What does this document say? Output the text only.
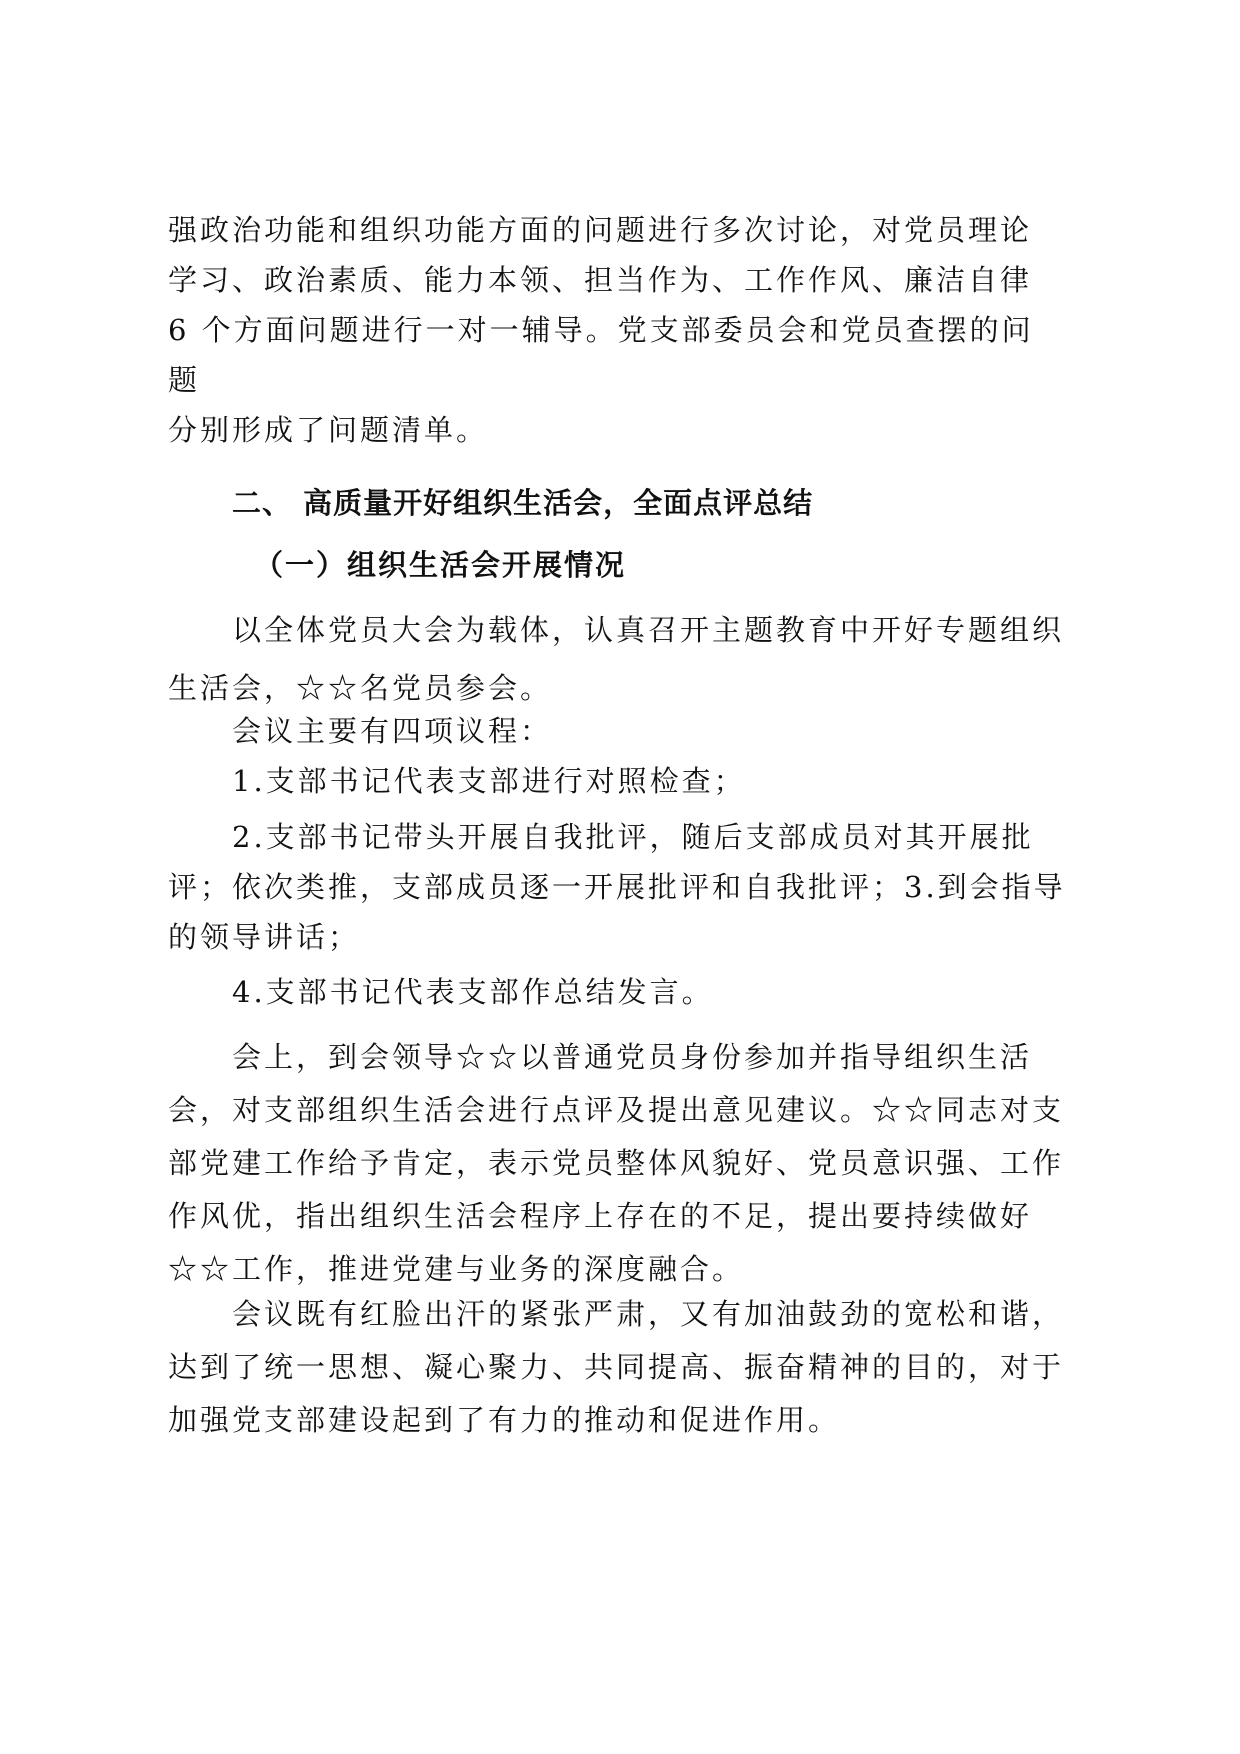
强政治功能和组织功能方面的问题进行多次讨论，对党员理论
学习、政治素质、能力本领、担当作为、工作作风、廉洁自律
6 个方面问题进行一对一辅导。党支部委员会和党员查摆的问
题
分别形成了问题清单。
二、 高质量开好组织生活会，全面点评总结
（一）组织生活会开展情况
以全体党员大会为载体，认真召开主题教育中开好专题组织生活会，☆☆名党员参会。
会议主要有四项议程：
1.支部书记代表支部进行对照检查；
2.支部书记带头开展自我批评，随后支部成员对其开展批评；依次类推，支部成员逐一开展批评和自我批评；3.到会指导的领导讲话；
4.支部书记代表支部作总结发言。
会上，到会领导☆☆以普通党员身份参加并指导组织生活会，对支部组织生活会进行点评及提出意见建议。☆☆同志对支部党建工作给予肯定，表示党员整体风貌好、党员意识强、工作作风优，指出组织生活会程序上存在的不足，提出要持续做好☆☆工作，推进党建与业务的深度融合。
会议既有红脸出汗的紧张严肃，又有加油鼓劲的宽松和谐，达到了统一思想、凝心聚力、共同提高、振奋精神的目的，对于加强党支部建设起到了有力的推动和促进作用。
